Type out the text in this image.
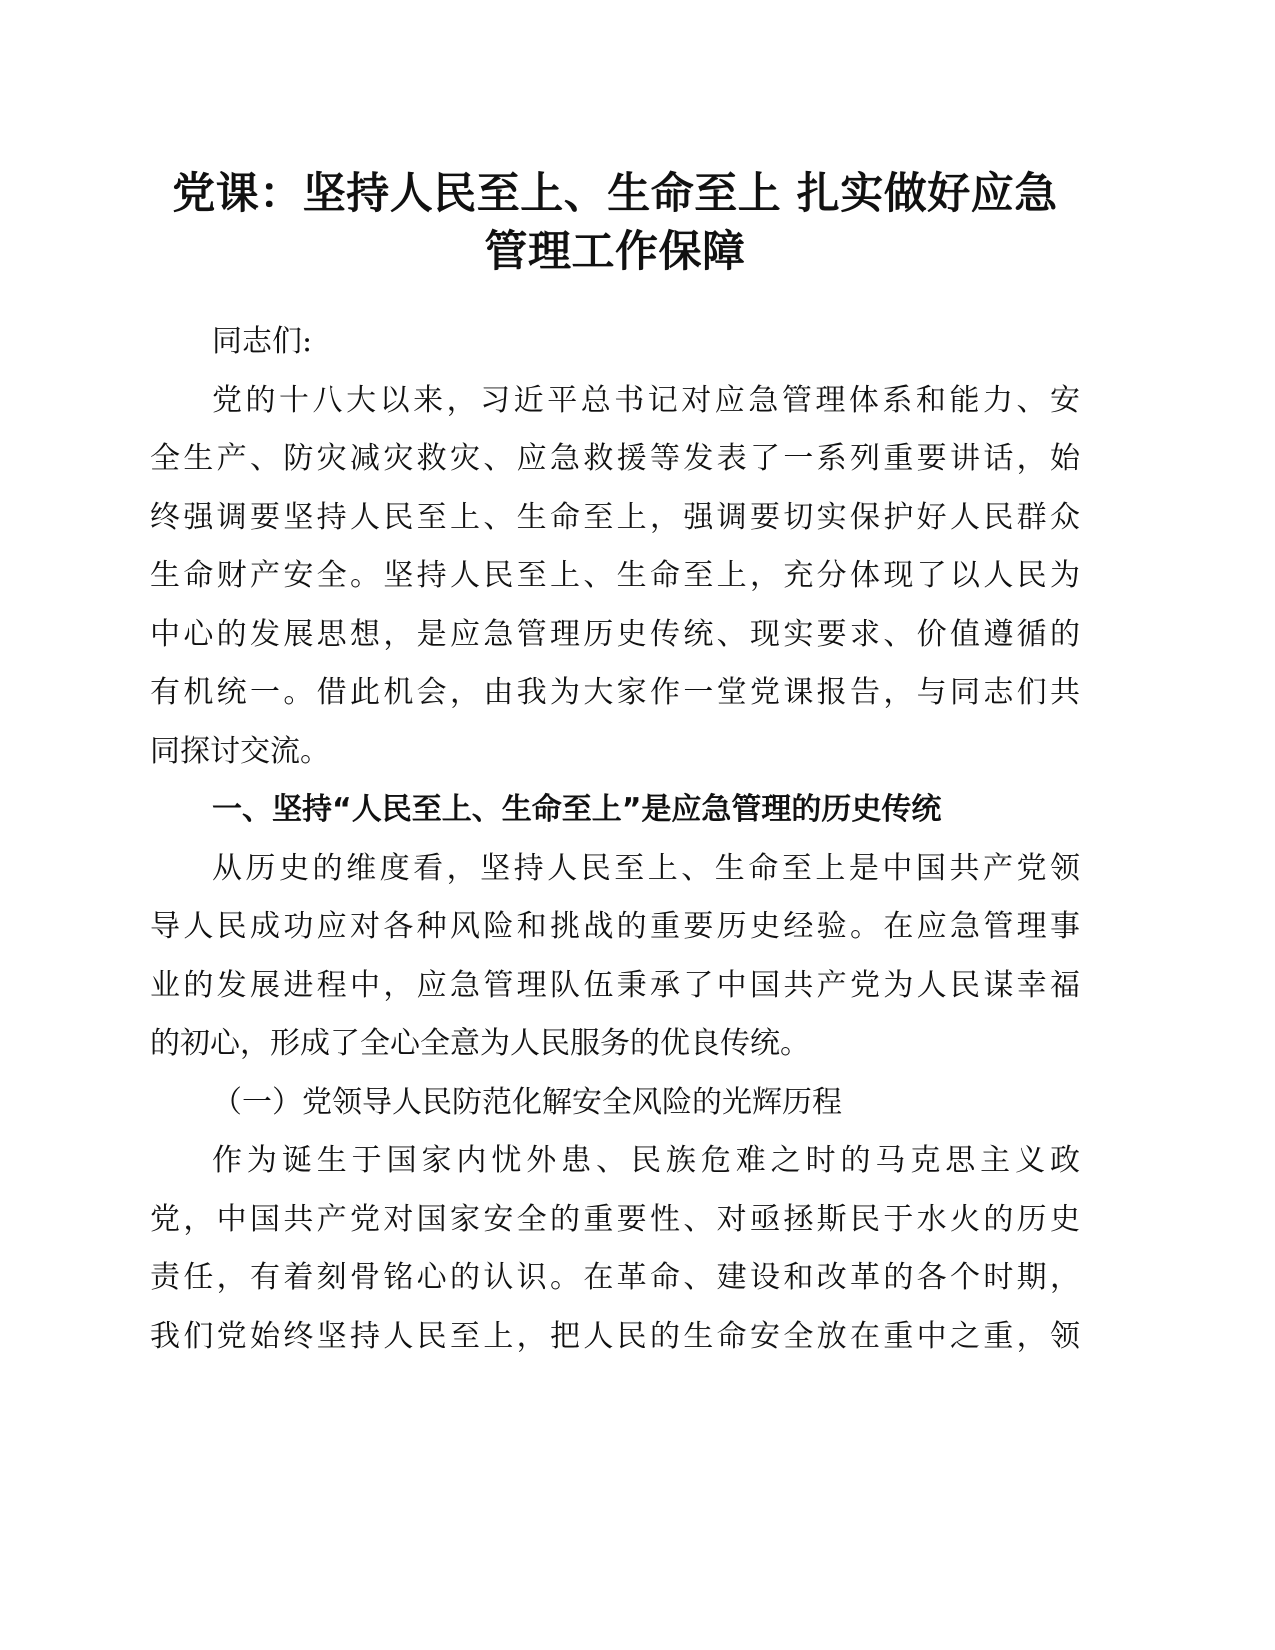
党课：坚持人民至上、生命至上 扎实做好应急
管理工作保障
同志们:
党的十八大以来，习近平总书记对应急管理体系和能力、安
全生产、防灾减灾救灾、应急救援等发表了一系列重要讲话，始
终强调要坚持人民至上、生命至上，强调要切实保护好人民群众
生命财产安全。坚持人民至上、生命至上，充分体现了以人民为
中心的发展思想，是应急管理历史传统、现实要求、价值遵循的
有机统一。借此机会，由我为大家作一堂党课报告，与同志们共
同探讨交流。
一、坚持“人民至上、生命至上”是应急管理的历史传统
从历史的维度看，坚持人民至上、生命至上是中国共产党领
导人民成功应对各种风险和挑战的重要历史经验。在应急管理事
业的发展进程中，应急管理队伍秉承了中国共产党为人民谋幸福
的初心，形成了全心全意为人民服务的优良传统。
（一）党领导人民防范化解安全风险的光辉历程
作为诞生于国家内忧外患、民族危难之时的马克思主义政
党，中国共产党对国家安全的重要性、对亟拯斯民于水火的历史
责任，有着刻骨铭心的认识。在革命、建设和改革的各个时期，
我们党始终坚持人民至上，把人民的生命安全放在重中之重，领
